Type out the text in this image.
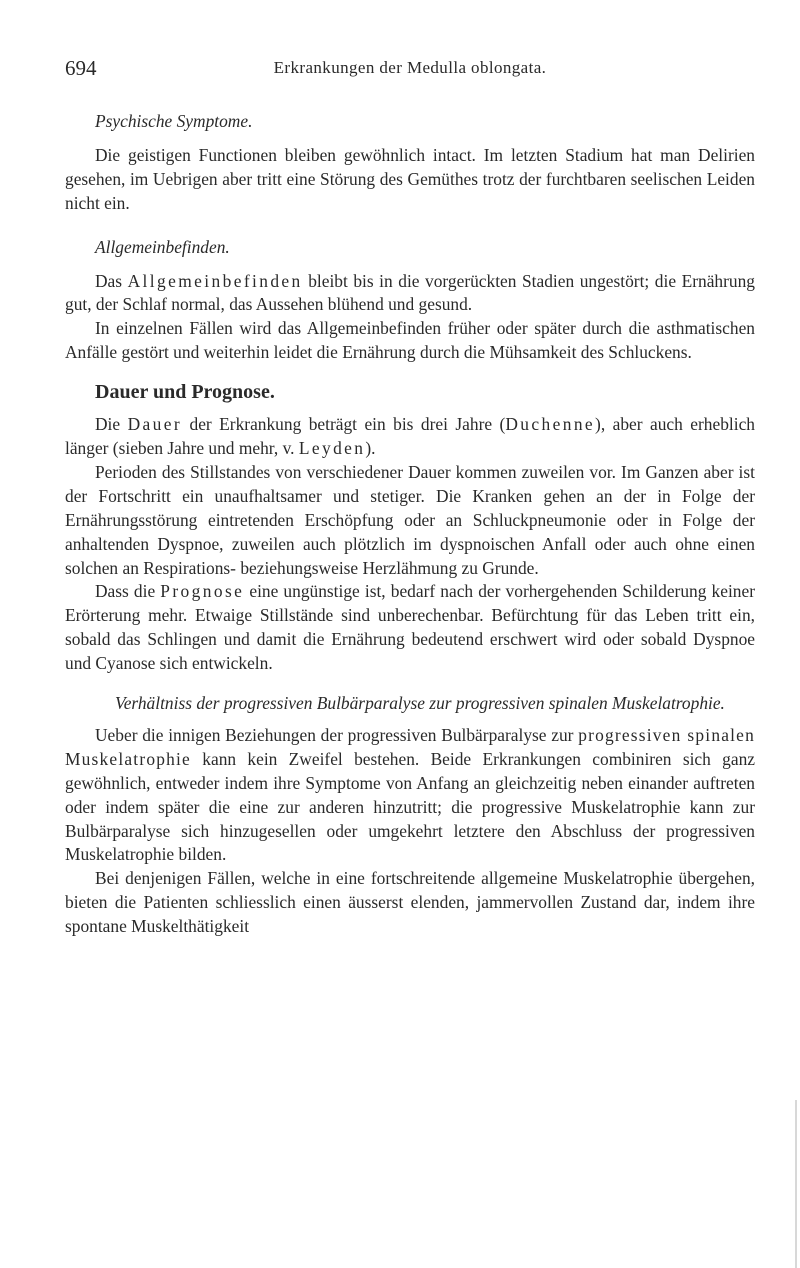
694	Erkrankungen der Medulla oblongata.

Psychische Symptome.

Die geistigen Functionen bleiben gewöhnlich intact. Im letzten Stadium hat man Delirien gesehen, im Uebrigen aber tritt eine Störung des Gemüthes trotz der furchtbaren seelischen Leiden nicht ein.

Allgemeinbefinden.

Das Allgemeinbefinden bleibt bis in die vorgerückten Stadien ungestört; die Ernährung gut, der Schlaf normal, das Aussehen blühend und gesund.

In einzelnen Fällen wird das Allgemeinbefinden früher oder später durch die asthmatischen Anfälle gestört und weiterhin leidet die Ernährung durch die Mühsamkeit des Schluckens.

Dauer und Prognose.

Die Dauer der Erkrankung beträgt ein bis drei Jahre (Duchenne), aber auch erheblich länger (sieben Jahre und mehr, v. Leyden).

Perioden des Stillstandes von verschiedener Dauer kommen zuweilen vor. Im Ganzen aber ist der Fortschritt ein unaufhaltsamer und stetiger. Die Kranken gehen an der in Folge der Ernährungsstörung eintretenden Erschöpfung oder an Schluckpneumonie oder in Folge der anhaltenden Dyspnoe, zuweilen auch plötzlich im dyspnoischen Anfall oder auch ohne einen solchen an Respirations- beziehungsweise Herzlähmung zu Grunde.

Dass die Prognose eine ungünstige ist, bedarf nach der vorhergehenden Schilderung keiner Erörterung mehr. Etwaige Stillstände sind unberechenbar. Befürchtung für das Leben tritt ein, sobald das Schlingen und damit die Ernährung bedeutend erschwert wird oder sobald Dyspnoe und Cyanose sich entwickeln.

Verhältniss der progressiven Bulbärparalyse zur progressiven spinalen Muskelatrophie.

Ueber die innigen Beziehungen der progressiven Bulbärparalyse zur progressiven spinalen Muskelatrophie kann kein Zweifel bestehen. Beide Erkrankungen combiniren sich ganz gewöhnlich, entweder indem ihre Symptome von Anfang an gleichzeitig neben einander auftreten oder indem später die eine zur anderen hinzutritt; die progressive Muskelatrophie kann zur Bulbärparalyse sich hinzugesellen oder umgekehrt letztere den Abschluss der progressiven Muskelatrophie bilden.

Bei denjenigen Fällen, welche in eine fortschreitende allgemeine Muskelatrophie übergehen, bieten die Patienten schliesslich einen äusserst elenden, jammervollen Zustand dar, indem ihre spontane Muskelthätigkeit
